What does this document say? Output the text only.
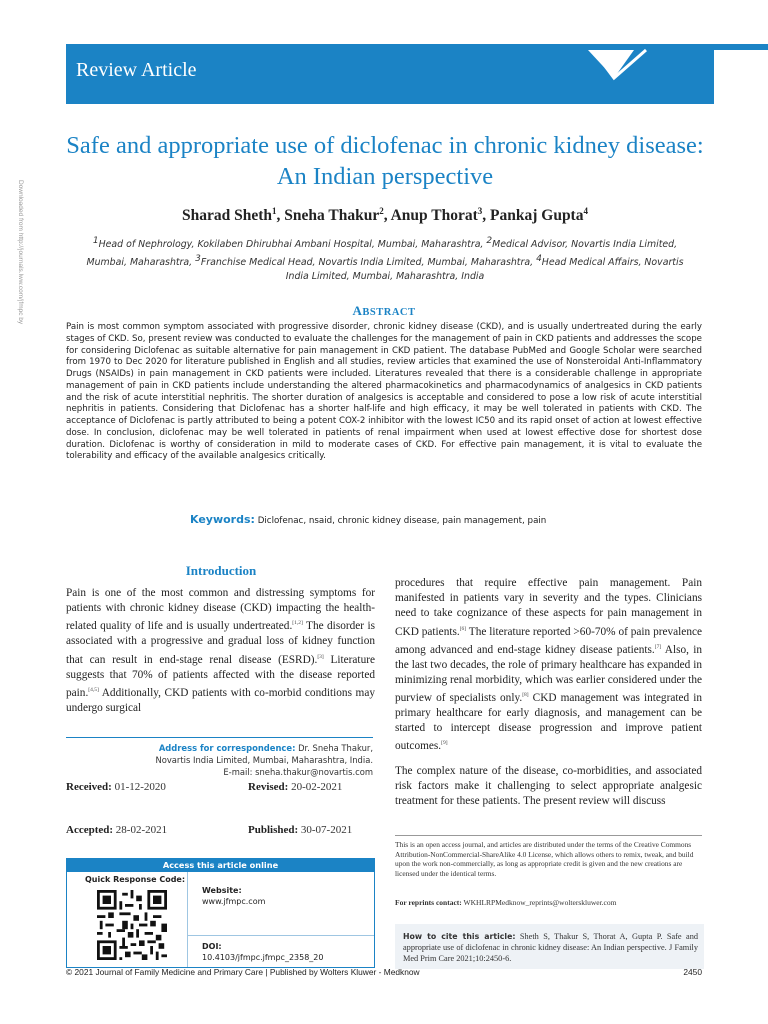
Downloaded from http://journals.lww.com/jfmpc by
Review Article
Safe and appropriate use of diclofenac in chronic kidney disease: An Indian perspective
Sharad Sheth$^1$, Sneha Thakur$^2$, Anup Thorat$^3$, Pankaj Gupta$^4$
$^1$Head of Nephrology, Kokilaben Dhirubhai Ambani Hospital, Mumbai, Maharashtra, $^2$Medical Advisor, Novartis India Limited, Mumbai, Maharashtra, $^3$Franchise Medical Head, Novartis India Limited, Mumbai, Maharashtra, $^4$Head Medical Affairs, Novartis India Limited, Mumbai, Maharashtra, India
ABSTRACT
Pain is most common symptom associated with progressive disorder, chronic kidney disease (CKD), and is usually undertreated during the early stages of CKD. So, present review was conducted to evaluate the challenges for the management of pain in CKD patients and addresses the scope for considering Diclofenac as suitable alternative for pain management in CKD patient. The database PubMed and Google Scholar were searched from 1970 to Dec 2020 for literature published in English and all studies, review articles that examined the use of Nonsteroidal Anti-Inflammatory Drugs (NSAIDs) in pain management in CKD patients were included. Literatures revealed that there is a considerable challenge in appropriate management of pain in CKD patients include understanding the altered pharmacokinetics and pharmacodynamics of analgesics in CKD patients and the risk of acute interstitial nephritis. The shorter duration of analgesics is acceptable and considered to pose a low risk of acute interstitial nephritis in patients. Considering that Diclofenac has a shorter half-life and high efficacy, it may be well tolerated in patients with CKD. The acceptance of Diclofenac is partly attributed to being a potent COX-2 inhibitor with the lowest IC50 and its rapid onset of action at lowest effective dose. In conclusion, diclofenac may be well tolerated in patients of renal impairment when used at lowest effective dose for shortest dose duration. Diclofenac is worthy of consideration in mild to moderate cases of CKD. For effective pain management, it is vital to evaluate the tolerability and efficacy of the available analgesics critically.
Keywords: Diclofenac, nsaid, chronic kidney disease, pain management, pain
Introduction
Pain is one of the most common and distressing symptoms for patients with chronic kidney disease (CKD) impacting the health-related quality of life and is usually undertreated.[1,2] The disorder is associated with a progressive and gradual loss of kidney function that can result in end-stage renal disease (ESRD).[3] Literature suggests that 70% of patients affected with the disease reported pain.[4,5] Additionally, CKD patients with co-morbid conditions may undergo surgical
procedures that require effective pain management. Pain manifested in patients vary in severity and the types. Clinicians need to take cognizance of these aspects for pain management in CKD patients.[6] The literature reported >60-70% of pain prevalence among advanced and end-stage kidney disease patients.[7] Also, in the last two decades, the role of primary healthcare has expanded in minimizing renal morbidity, which was earlier considered under the purview of specialists only.[8] CKD management was integrated in primary healthcare for early diagnosis, and management can be started to intercept disease progression and improve patient outcomes.[9]
The complex nature of the disease, co-morbidities, and associated risk factors make it challenging to select appropriate analgesic treatment for these patients. The present review will discuss
Address for correspondence: Dr. Sneha Thakur,
Novartis India Limited, Mumbai, Maharashtra, India.
E-mail: sneha.thakur@novartis.com
Received: 01-12-2020	Revised: 20-02-2021
Accepted: 28-02-2021	Published: 30-07-2021
Access this article online
Quick Response Code:
Website:
www.jfmpc.com
DOI:
10.4103/jfmpc.jfmpc_2358_20
This is an open access journal, and articles are distributed under the terms of the Creative Commons Attribution-NonCommercial-ShareAlike 4.0 License, which allows others to remix, tweak, and build upon the work non-commercially, as long as appropriate credit is given and the new creations are licensed under the identical terms.
For reprints contact: WKHLRPMedknow_reprints@wolterskluwer.com
How to cite this article: Sheth S, Thakur S, Thorat A, Gupta P. Safe and appropriate use of diclofenac in chronic kidney disease: An Indian perspective. J Family Med Prim Care 2021;10:2450-6.
© 2021 Journal of Family Medicine and Primary Care | Published by Wolters Kluwer - Medknow	2450
